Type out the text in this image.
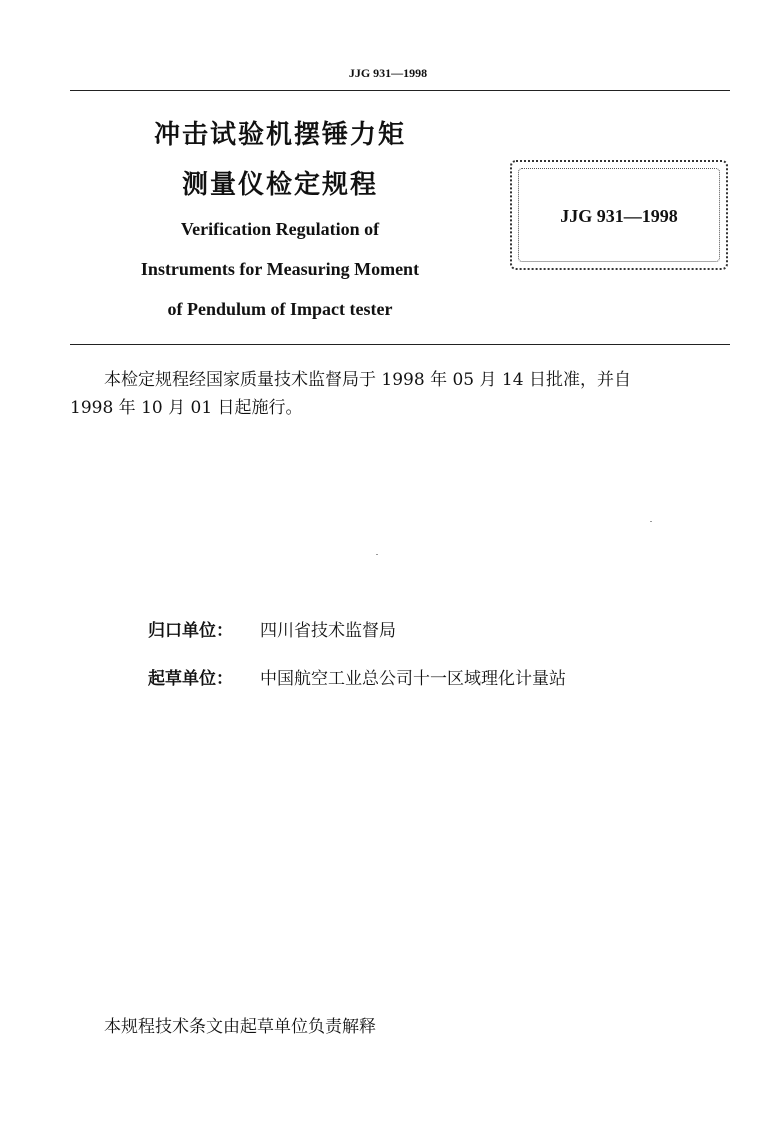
JJG 931—1998
冲击试验机摆锤力矩
测量仪检定规程
Verification Regulation of
Instruments for Measuring Moment
of Pendulum of Impact tester
JJG 931—1998
本检定规程经国家质量技术监督局于 1998 年 05 月 14 日批准，并自
1998 年 10 月 01 日起施行。
归口单位： 四川省技术监督局
起草单位： 中国航空工业总公司十一区域理化计量站
本规程技术条文由起草单位负责解释
